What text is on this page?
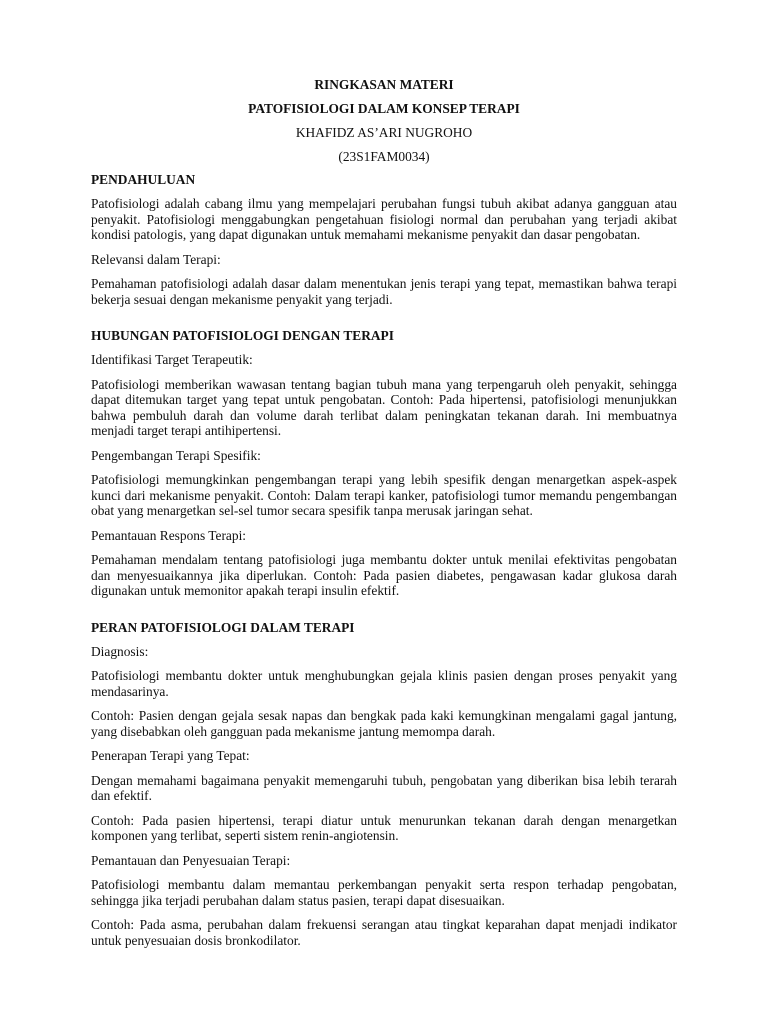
RINGKASAN MATERI
PATOFISIOLOGI DALAM KONSEP TERAPI
KHAFIDZ AS’ARI NUGROHO
(23S1FAM0034)
PENDAHULUAN
Patofisiologi adalah cabang ilmu yang mempelajari perubahan fungsi tubuh akibat adanya gangguan atau penyakit. Patofisiologi menggabungkan pengetahuan fisiologi normal dan perubahan yang terjadi akibat kondisi patologis, yang dapat digunakan untuk memahami mekanisme penyakit dan dasar pengobatan.
Relevansi dalam Terapi:
Pemahaman patofisiologi adalah dasar dalam menentukan jenis terapi yang tepat, memastikan bahwa terapi bekerja sesuai dengan mekanisme penyakit yang terjadi.
HUBUNGAN PATOFISIOLOGI DENGAN TERAPI
Identifikasi Target Terapeutik:
Patofisiologi memberikan wawasan tentang bagian tubuh mana yang terpengaruh oleh penyakit, sehingga dapat ditemukan target yang tepat untuk pengobatan. Contoh: Pada hipertensi, patofisiologi menunjukkan bahwa pembuluh darah dan volume darah terlibat dalam peningkatan tekanan darah. Ini membuatnya menjadi target terapi antihipertensi.
Pengembangan Terapi Spesifik:
Patofisiologi memungkinkan pengembangan terapi yang lebih spesifik dengan menargetkan aspek-aspek kunci dari mekanisme penyakit. Contoh: Dalam terapi kanker, patofisiologi tumor memandu pengembangan obat yang menargetkan sel-sel tumor secara spesifik tanpa merusak jaringan sehat.
Pemantauan Respons Terapi:
Pemahaman mendalam tentang patofisiologi juga membantu dokter untuk menilai efektivitas pengobatan dan menyesuaikannya jika diperlukan. Contoh: Pada pasien diabetes, pengawasan kadar glukosa darah digunakan untuk memonitor apakah terapi insulin efektif.
PERAN PATOFISIOLOGI DALAM TERAPI
Diagnosis:
Patofisiologi membantu dokter untuk menghubungkan gejala klinis pasien dengan proses penyakit yang mendasarinya.
Contoh: Pasien dengan gejala sesak napas dan bengkak pada kaki kemungkinan mengalami gagal jantung, yang disebabkan oleh gangguan pada mekanisme jantung memompa darah.
Penerapan Terapi yang Tepat:
Dengan memahami bagaimana penyakit memengaruhi tubuh, pengobatan yang diberikan bisa lebih terarah dan efektif.
Contoh: Pada pasien hipertensi, terapi diatur untuk menurunkan tekanan darah dengan menargetkan komponen yang terlibat, seperti sistem renin-angiotensin.
Pemantauan dan Penyesuaian Terapi:
Patofisiologi membantu dalam memantau perkembangan penyakit serta respon terhadap pengobatan, sehingga jika terjadi perubahan dalam status pasien, terapi dapat disesuaikan.
Contoh: Pada asma, perubahan dalam frekuensi serangan atau tingkat keparahan dapat menjadi indikator untuk penyesuaian dosis bronkodilator.
